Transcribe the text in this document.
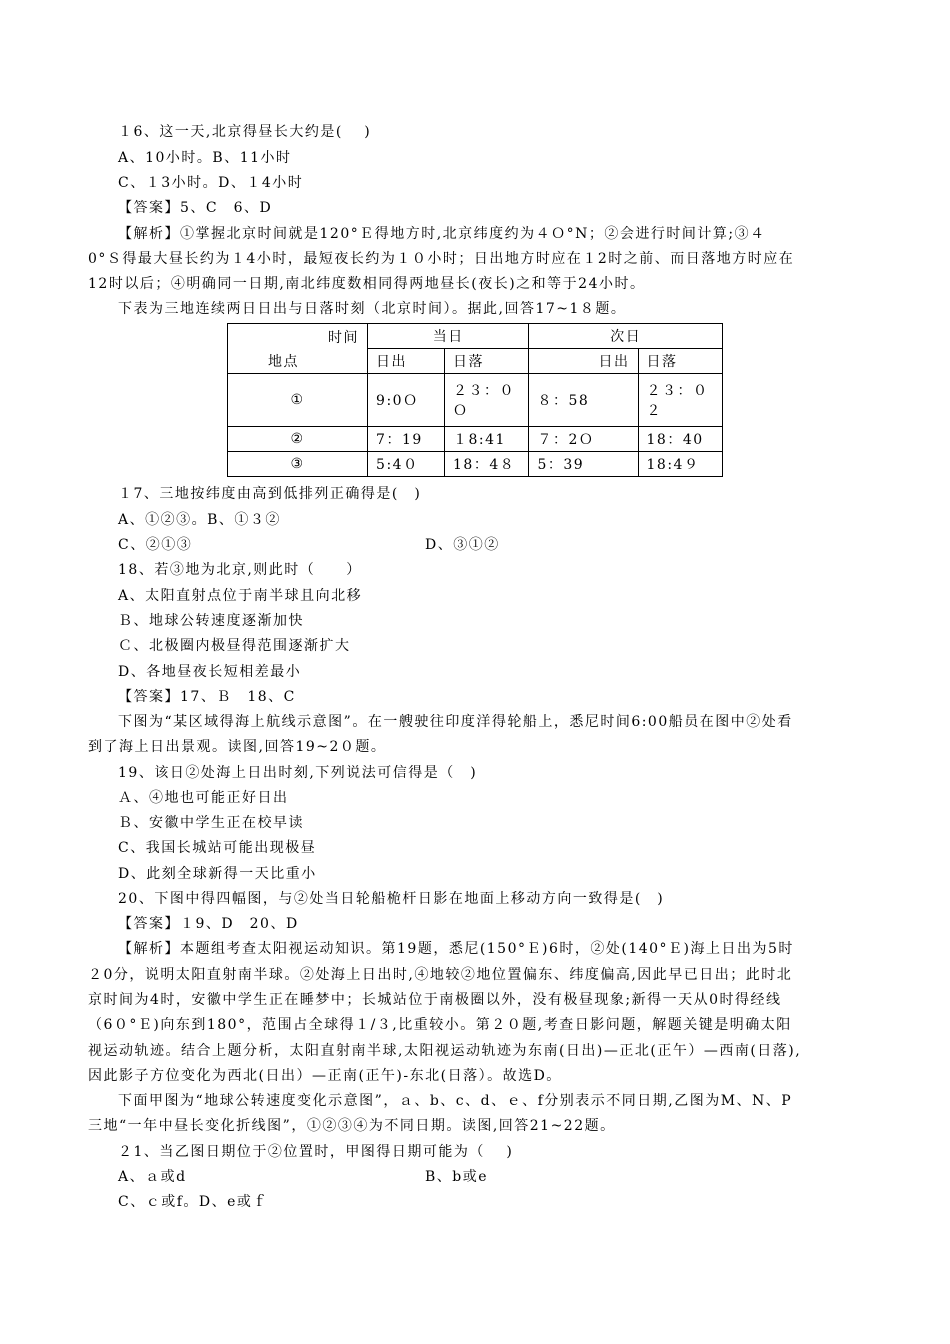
１6、这一天,北京得昼长大约是(　 )
A、10小时。B、11小时
C、１3小时。D、１4小时
【答案】5、C　6、D
【解析】①掌握北京时间就是120°Ｅ得地方时,北京纬度约为４Ｏ°N；②会进行时间计算;③４
0°Ｓ得最大昼长约为１4小时，最短夜长约为１０小时；日出地方时应在１2时之前、而日落地方时应在
12时以后；④明确同一日期,南北纬度数相同得两地昼长(夜长)之和等于24小时。
下表为三地连续两日日出与日落时刻（北京时间）。据此,回答17~1８题。
时间
地点	当日		次日	
	日出	日落	日出	日落
①	9:0Ｏ	２３：０Ｏ	８：58	２３：０２
②	7：19	１8:41	７：2Ｏ	18：40
③	5:4０	18：4８	5：39	18:4９
１7、三地按纬度由高到低排列正确得是(　)
A、①②③。B、①３②
C、②①③	D、③①②
18、若③地为北京,则此时（　　）
A、太阳直射点位于南半球且向北移
Ｂ、地球公转速度逐渐加快
Ｃ、北极圈内极昼得范围逐渐扩大
D、各地昼夜长短相差最小
【答案】17、Ｂ　18、C
下图为“某区域得海上航线示意图”。在一艘驶往印度洋得轮船上，悉尼时间6:00船员在图中②处看
到了海上日出景观。读图,回答19~2０题。
19、该日②处海上日出时刻,下列说法可信得是（　)
Ａ、④地也可能正好日出
Ｂ、安徽中学生正在校早读
C、我国长城站可能出现极昼
D、此刻全球新得一天比重小
20、下图中得四幅图，与②处当日轮船桅杆日影在地面上移动方向一致得是(　)
【答案】１9、D　20、D
【解析】本题组考查太阳视运动知识。第19题，悉尼(150°Ｅ)6时，②处(140°Ｅ)海上日出为5时
２0分，说明太阳直射南半球。②处海上日出时,④地较②地位置偏东、纬度偏高,因此早已日出；此时北
京时间为4时，安徽中学生正在睡梦中；长城站位于南极圈以外，没有极昼现象;新得一天从0时得经线
（6０°Ｅ)向东到180°，范围占全球得１/３,比重较小。第２０题,考查日影问题，解题关键是明确太阳
视运动轨迹。结合上题分析，太阳直射南半球,太阳视运动轨迹为东南(日出)—正北(正午）—西南(日落),
因此影子方位变化为西北(日出）—正南(正午)-东北(日落）。故选D。
下面甲图为“地球公转速度变化示意图”，ａ、b、c、d、ｅ、f分别表示不同日期,乙图为M、N、P
三地“一年中昼长变化折线图”，①②③④为不同日期。读图,回答21~22题。
２1、当乙图日期位于②位置时，甲图得日期可能为（　 )
A、ａ或d	B、b或e
C、ｃ或f。D、e或ｆ
